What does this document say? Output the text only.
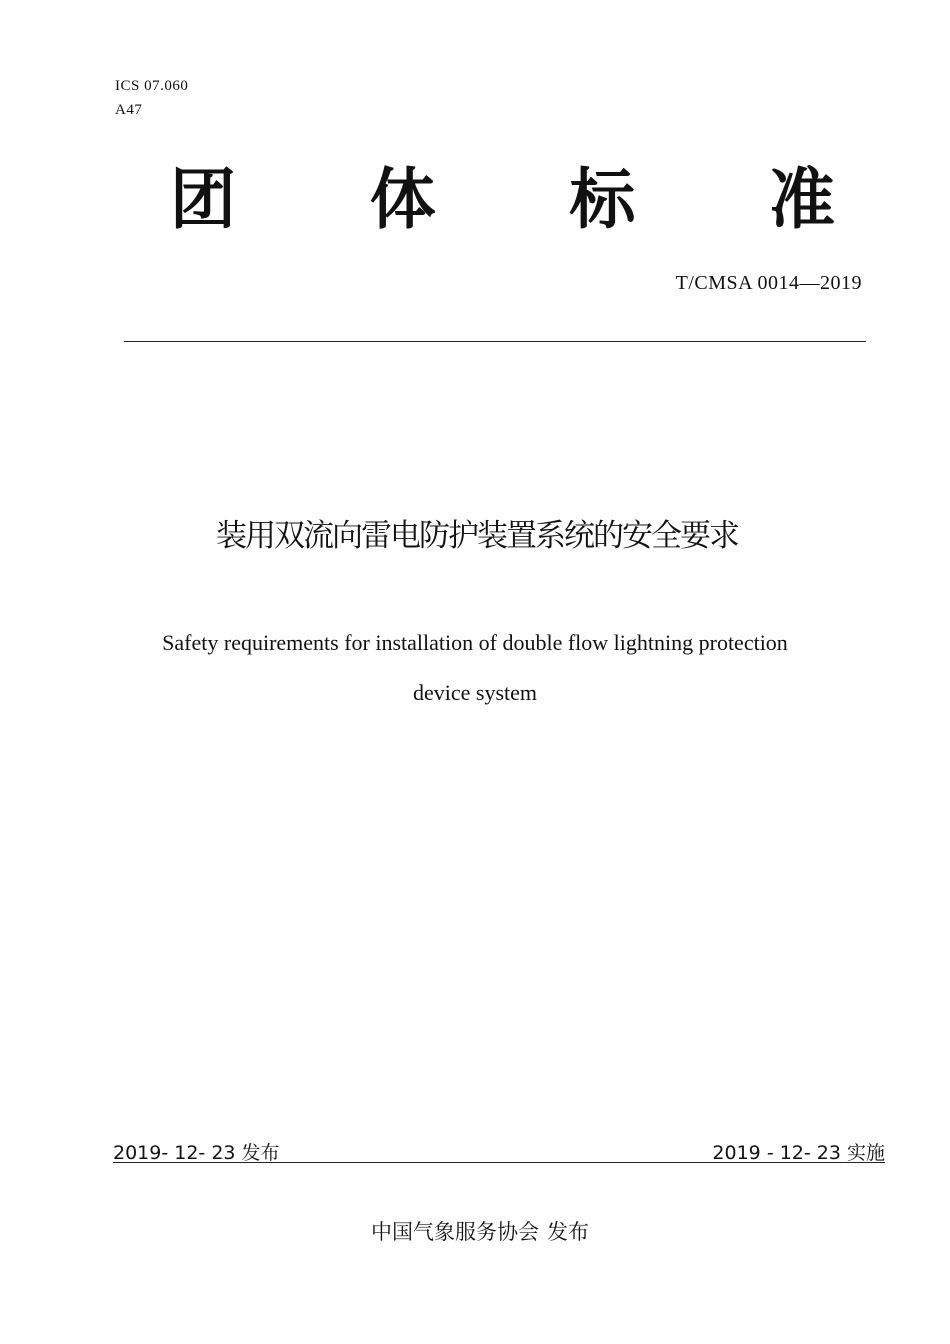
ICS 07.060
A47
团 体 标 准
T/CMSA 0014—2019
装用双流向雷电防护装置系统的安全要求
Safety requirements for installation of double flow lightning protection
device system
2019- 12- 23 发布	2019 - 12- 23 实施
中国气象服务协会 发布
